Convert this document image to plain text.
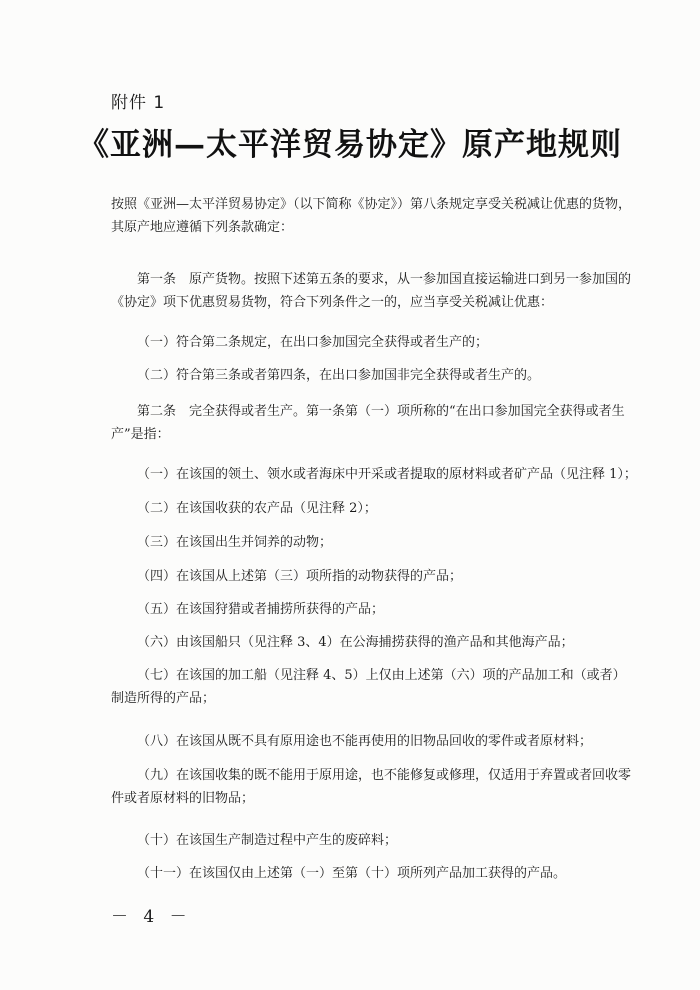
附件 1
《亚洲—太平洋贸易协定》原产地规则
按照《亚洲—太平洋贸易协定》（以下简称《协定》）第八条规定享受关税减让优惠的货物，
其原产地应遵循下列条款确定：
第一条　原产货物。按照下述第五条的要求，从一参加国直接运输进口到另一参加国的
《协定》项下优惠贸易货物，符合下列条件之一的，应当享受关税减让优惠：
（一）符合第二条规定，在出口参加国完全获得或者生产的；
（二）符合第三条或者第四条，在出口参加国非完全获得或者生产的。
第二条　完全获得或者生产。第一条第（一）项所称的“在出口参加国完全获得或者生
产”是指：
（一）在该国的领土、领水或者海床中开采或者提取的原材料或者矿产品（见注释 1）；
（二）在该国收获的农产品（见注释 2）；
（三）在该国出生并饲养的动物；
（四）在该国从上述第（三）项所指的动物获得的产品；
（五）在该国狩猎或者捕捞所获得的产品；
（六）由该国船只（见注释 3、4）在公海捕捞获得的渔产品和其他海产品；
（七）在该国的加工船（见注释 4、5）上仅由上述第（六）项的产品加工和（或者）
制造所得的产品；
（八）在该国从既不具有原用途也不能再使用的旧物品回收的零件或者原材料；
（九）在该国收集的既不能用于原用途，也不能修复或修理，仅适用于弃置或者回收零
件或者原材料的旧物品；
（十）在该国生产制造过程中产生的废碎料；
（十一）在该国仅由上述第（一）至第（十）项所列产品加工获得的产品。
－ 4 －
